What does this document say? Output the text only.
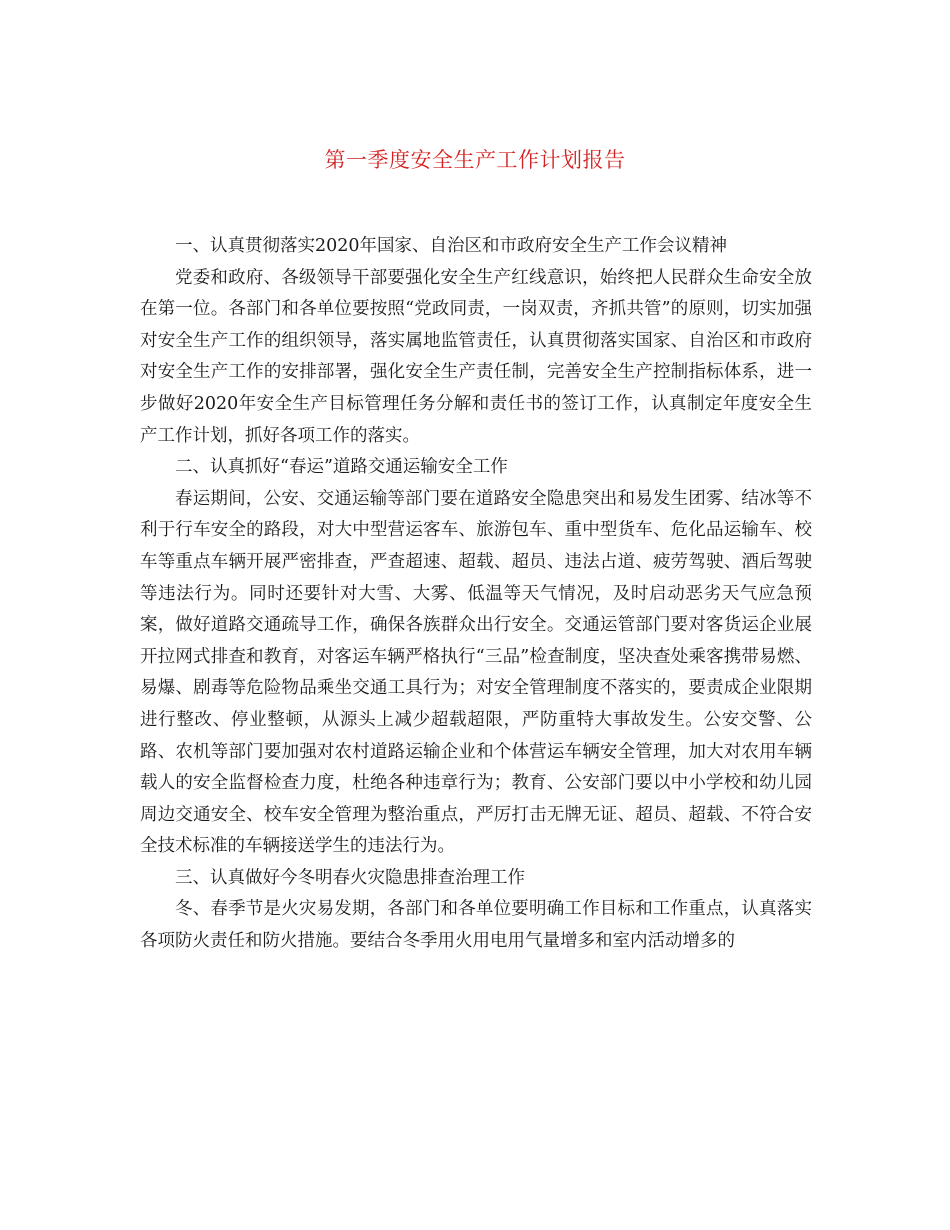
第一季度安全生产工作计划报告

一、认真贯彻落实2020年国家、自治区和市政府安全生产工作会议精神

党委和政府、各级领导干部要强化安全生产红线意识，始终把人民群众生命安全放在第一位。各部门和各单位要按照“党政同责，一岗双责，齐抓共管”的原则，切实加强对安全生产工作的组织领导，落实属地监管责任，认真贯彻落实国家、自治区和市政府对安全生产工作的安排部署，强化安全生产责任制，完善安全生产控制指标体系，进一步做好2020年安全生产目标管理任务分解和责任书的签订工作，认真制定年度安全生产工作计划，抓好各项工作的落实。

二、认真抓好“春运”道路交通运输安全工作

春运期间，公安、交通运输等部门要在道路安全隐患突出和易发生团雾、结冰等不利于行车安全的路段，对大中型营运客车、旅游包车、重中型货车、危化品运输车、校车等重点车辆开展严密排查，严查超速、超载、超员、违法占道、疲劳驾驶、酒后驾驶等违法行为。同时还要针对大雪、大雾、低温等天气情况，及时启动恶劣天气应急预案，做好道路交通疏导工作，确保各族群众出行安全。交通运管部门要对客货运企业展开拉网式排查和教育，对客运车辆严格执行“三品”检查制度，坚决查处乘客携带易燃、易爆、剧毒等危险物品乘坐交通工具行为；对安全管理制度不落实的，要责成企业限期进行整改、停业整顿，从源头上减少超载超限，严防重特大事故发生。公安交警、公路、农机等部门要加强对农村道路运输企业和个体营运车辆安全管理，加大对农用车辆载人的安全监督检查力度，杜绝各种违章行为；教育、公安部门要以中小学校和幼儿园周边交通安全、校车安全管理为整治重点，严厉打击无牌无证、超员、超载、不符合安全技术标准的车辆接送学生的违法行为。

三、认真做好今冬明春火灾隐患排查治理工作

冬、春季节是火灾易发期，各部门和各单位要明确工作目标和工作重点，认真落实各项防火责任和防火措施。要结合冬季用火用电用气量增多和室内活动增多的
